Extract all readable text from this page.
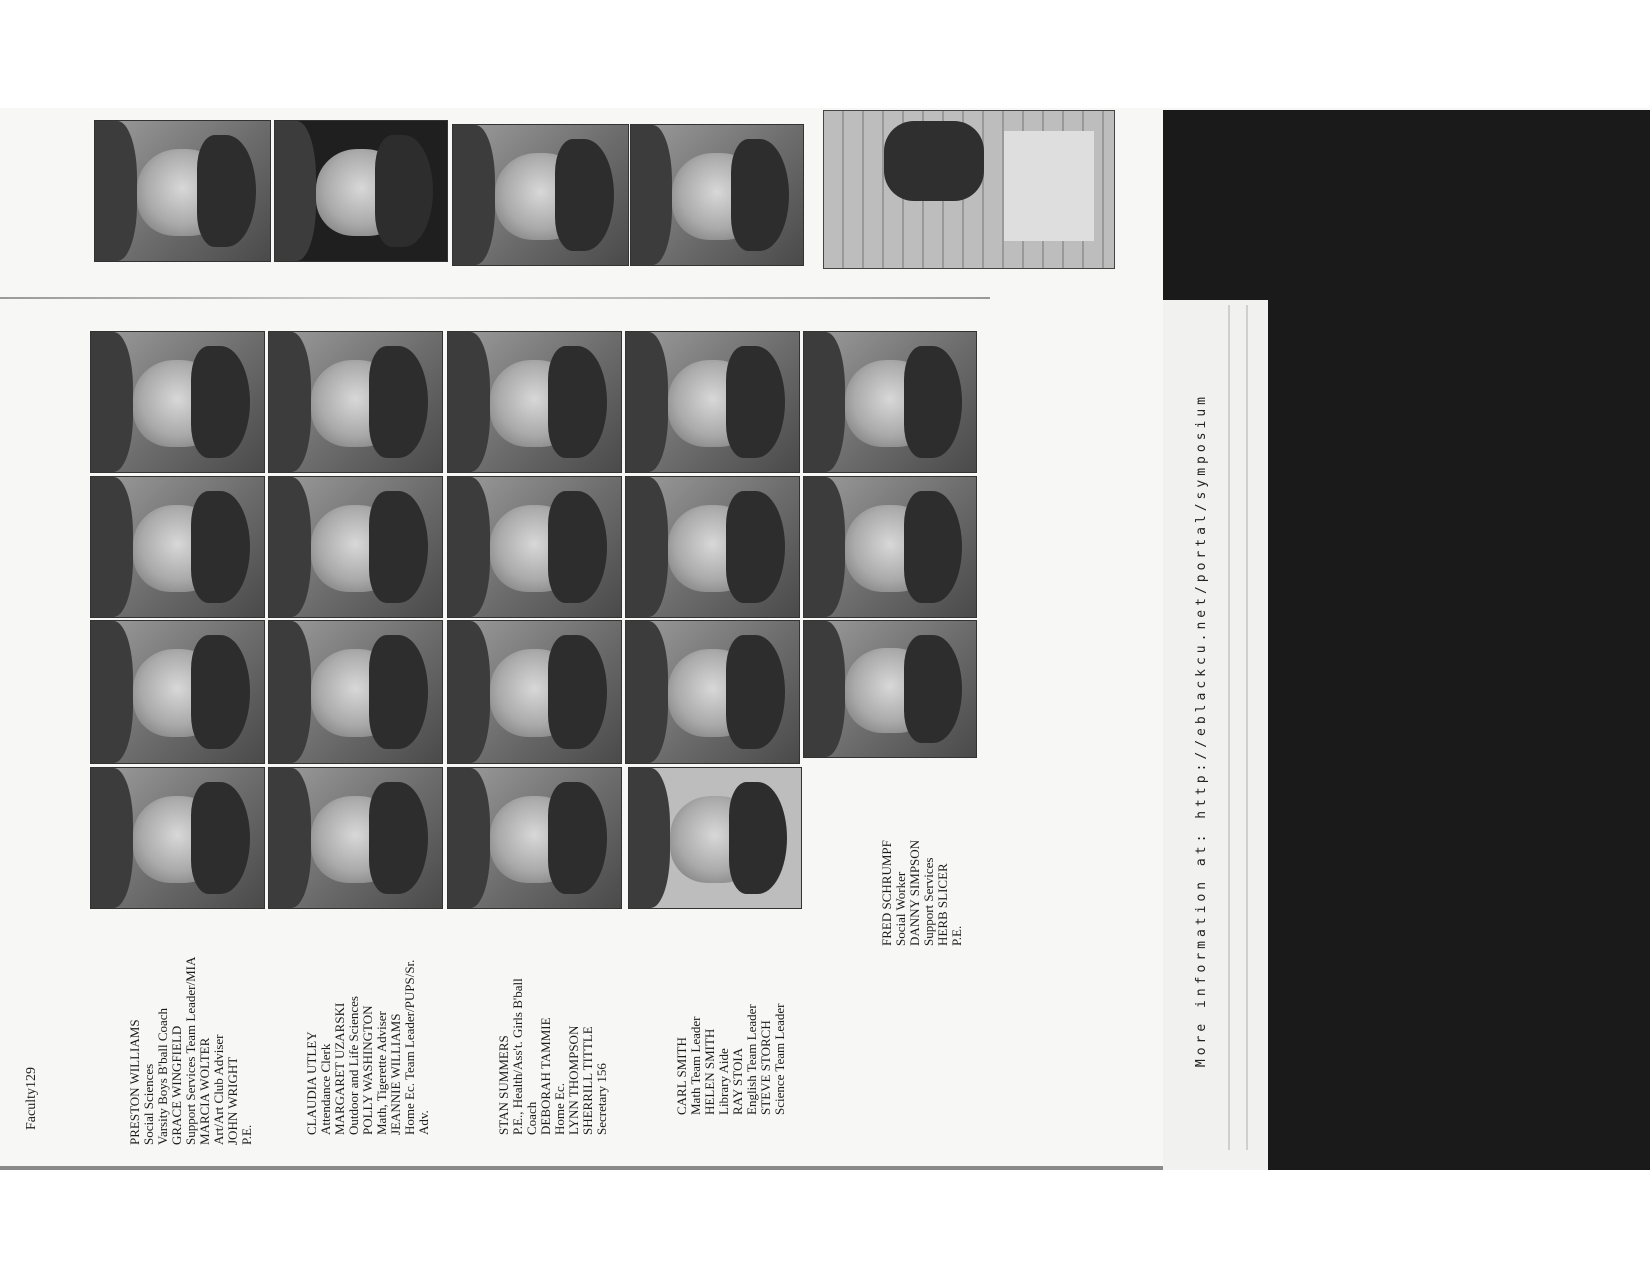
FRED SCHRUMPF Social Worker DANNY SIMPSON Support Services HERB SLICER P.E.
CARL SMITH Math Team Leader HELEN SMITH Library Aide RAY STOIA English Team Leader STEVE STORCH Science Team Leader
STAN SUMMERS P.E., Health/Ass't. Girls B'ball Coach DEBORAH TAMMIE Home Ec. LYNN THOMPSON SHERRILL TITTLE Secretary 156
CLAUDIA UTLEY Attendance Clerk MARGARET UZARSKI Outdoor and Life Sciences POLLY WASHINGTON Math, Tigerette Adviser JEANNIE WILLIAMS Home Ec. Team Leader/PUPS/Sr. Adv.
PRESTON WILLIAMS Social Sciences Varsity Boys B'ball Coach GRACE WINGFIELD Support Services Team Leader/MIA MARCIA WOLTER Art/Art Club Adviser JOHN WRIGHT P.E.
Faculty129
More information at: http://eblackcu.net/portal/symposium
